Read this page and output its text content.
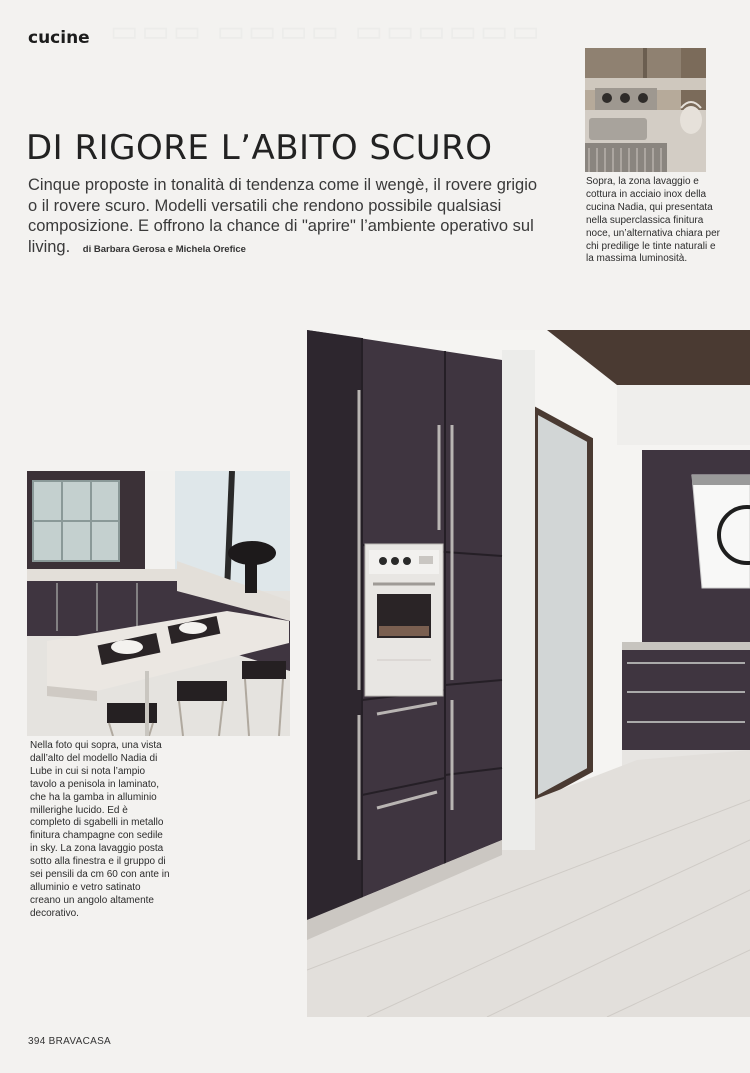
▭▭▭ ▭▭▭▭ ▭▭▭▭▭▭
cucine
DI RIGORE L’ABITO SCURO
Cinque proposte in tonalità di tendenza come il wengè, il rovere grigio o il rovere scuro. Modelli versatili che rendono possibile qualsiasi composizione. E offrono la chance di "aprire" l’ambiente operativo sul living. di Barbara Gerosa e Michela Orefice
Sopra, la zona lavaggio e cottura in acciaio inox della cucina Nadia, qui presentata nella superclassica finitura noce, un’alternativa chiara per chi predilige le tinte naturali e la massima luminosità.
Nella foto qui sopra, una vista dall’alto del modello Nadia di Lube in cui si nota l’ampio tavolo a penisola in laminato, che ha la gamba in alluminio millerighe lucido. Ed è completo di sgabelli in metallo finitura champagne con sedile in sky. La zona lavaggio posta sotto alla finestra e il gruppo di sei pensili da cm 60 con ante in alluminio e vetro satinato creano un angolo altamente decorativo.
394 BRAVACASA
